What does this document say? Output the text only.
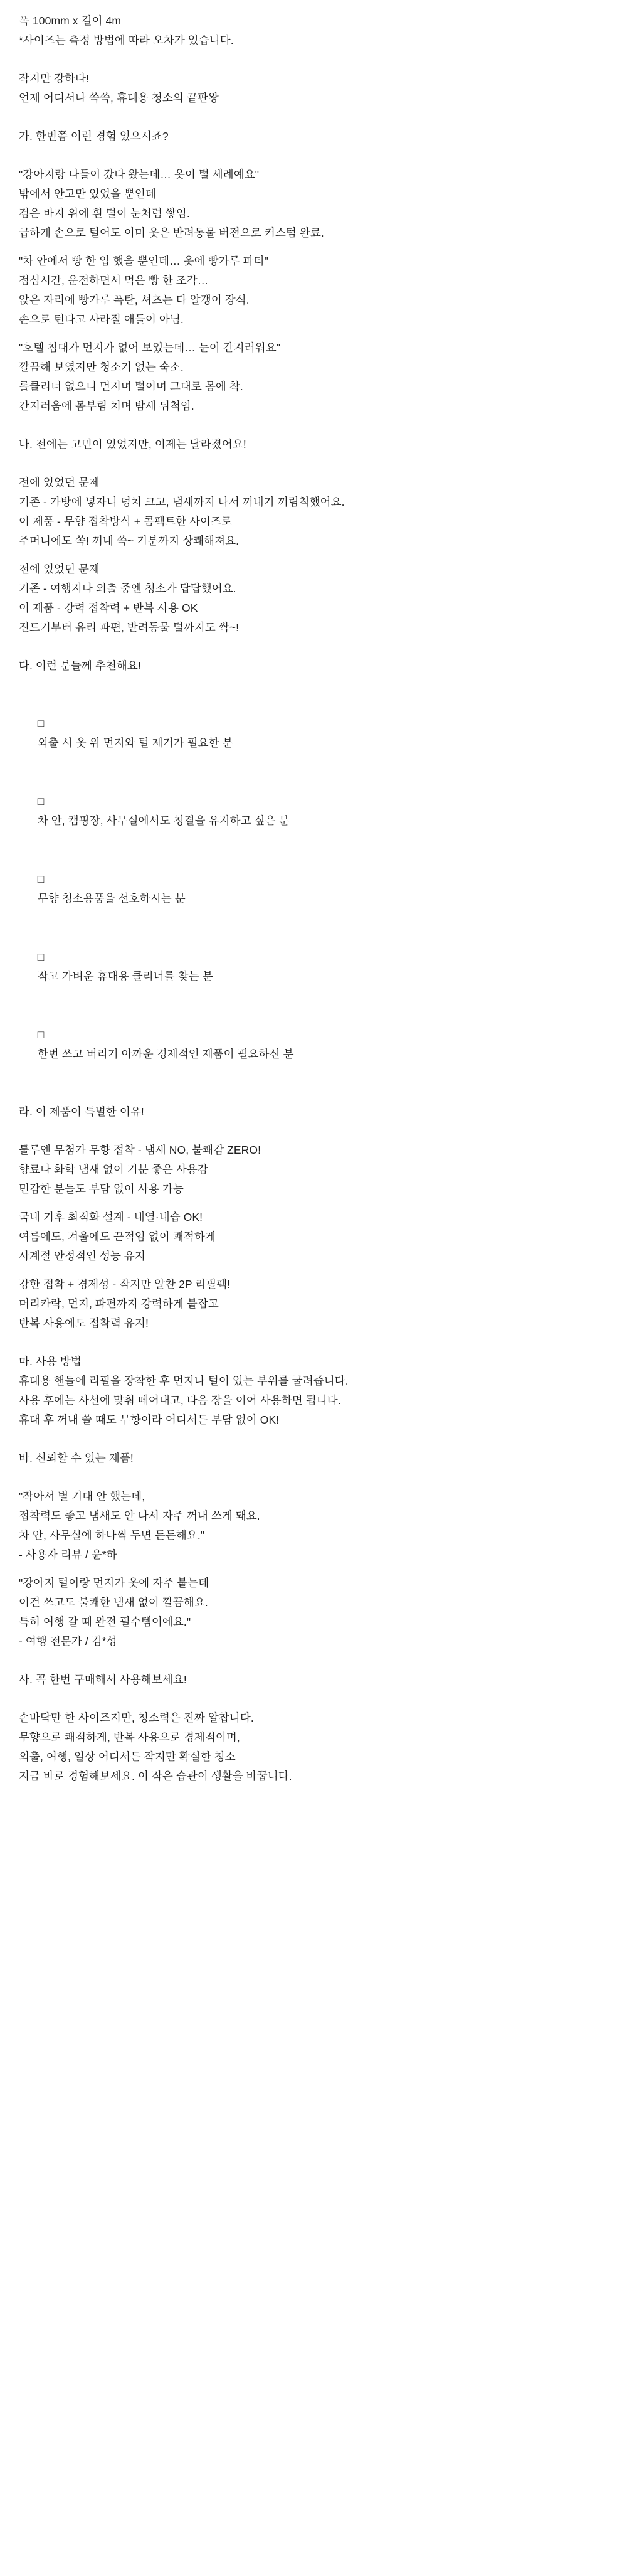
폭 100mm x 길이 4m
*사이즈는 측정 방법에 따라 오차가 있습니다.
작지만 강하다!
언제 어디서나 쓱쓱, 휴대용 청소의 끝판왕
가. 한번쯤 이런 경험 있으시죠?
"강아지랑 나들이 갔다 왔는데… 옷이 털 세례예요"
밖에서 안고만 있었을 뿐인데
검은 바지 위에 흰 털이 눈처럼 쌓임.
급하게 손으로 털어도 이미 옷은 반려동물 버전으로 커스텀 완료.
"차 안에서 빵 한 입 했을 뿐인데… 옷에 빵가루 파티"
점심시간, 운전하면서 먹은 빵 한 조각…
앉은 자리에 빵가루 폭탄, 셔츠는 다 알갱이 장식.
손으로 턴다고 사라질 애들이 아님.
"호텔 침대가 먼지가 없어 보였는데… 눈이 간지러워요"
깔끔해 보였지만 청소기 없는 숙소.
롤클리너 없으니 먼지며 털이며 그대로 몸에 착.
간지러움에 몸부림 치며 밤새 뒤척임.
나. 전에는 고민이 있었지만, 이제는 달라졌어요!
전에 있었던 문제
기존 - 가방에 넣자니 덩치 크고, 냄새까지 나서 꺼내기 꺼림칙했어요.
이 제품 - 무향 접착방식 + 콤팩트한 사이즈로
주머니에도 쏙! 꺼내 쓱~ 기분까지 상쾌해져요.
전에 있었던 문제
기존 - 여행지나 외출 중엔 청소가 답답했어요.
이 제품 - 강력 접착력 + 반복 사용 OK
진드기부터 유리 파편, 반려동물 털까지도 싹~!
다. 이런 분들께 추천해요!

□
외출 시 옷 위 먼지와 털 제거가 필요한 분

□
차 안, 캠핑장, 사무실에서도 청결을 유지하고 싶은 분

□
무향 청소용품을 선호하시는 분

□
작고 가벼운 휴대용 클리너를 찾는 분

□
한번 쓰고 버리기 아까운 경제적인 제품이 필요하신 분

라. 이 제품이 특별한 이유!
툴루엔 무첨가 무향 접착 - 냄새 NO, 불쾌감 ZERO!
향료나 화학 냄새 없이 기분 좋은 사용감
민감한 분들도 부담 없이 사용 가능
국내 기후 최적화 설계 - 내열·내습 OK!
여름에도, 겨울에도 끈적임 없이 쾌적하게
사계절 안정적인 성능 유지
강한 접착 + 경제성 - 작지만 알찬 2P 리필팩!
머리카락, 먼지, 파편까지 강력하게 붙잡고
반복 사용에도 접착력 유지!
마. 사용 방법
휴대용 핸들에 리필을 장착한 후 먼지나 털이 있는 부위를 굴려줍니다.
사용 후에는 사선에 맞춰 떼어내고, 다음 장을 이어 사용하면 됩니다.
휴대 후 꺼내 쓸 때도 무향이라 어디서든 부담 없이 OK!
바. 신뢰할 수 있는 제품!
"작아서 별 기대 안 했는데,
접착력도 좋고 냄새도 안 나서 자주 꺼내 쓰게 돼요.
차 안, 사무실에 하나씩 두면 든든해요."
- 사용자 리뷰 / 윤*하
"강아지 털이랑 먼지가 옷에 자주 붙는데
이건 쓰고도 불쾌한 냄새 없이 깔끔해요.
특히 여행 갈 때 완전 필수템이에요."
- 여행 전문가 / 김*성
사. 꼭 한번 구매해서 사용해보세요!
손바닥만 한 사이즈지만, 청소력은 진짜 알찹니다.
무향으로 쾌적하게, 반복 사용으로 경제적이며,
외출, 여행, 일상 어디서든 작지만 확실한 청소
지금 바로 경험해보세요. 이 작은 습관이 생활을 바꿉니다.
